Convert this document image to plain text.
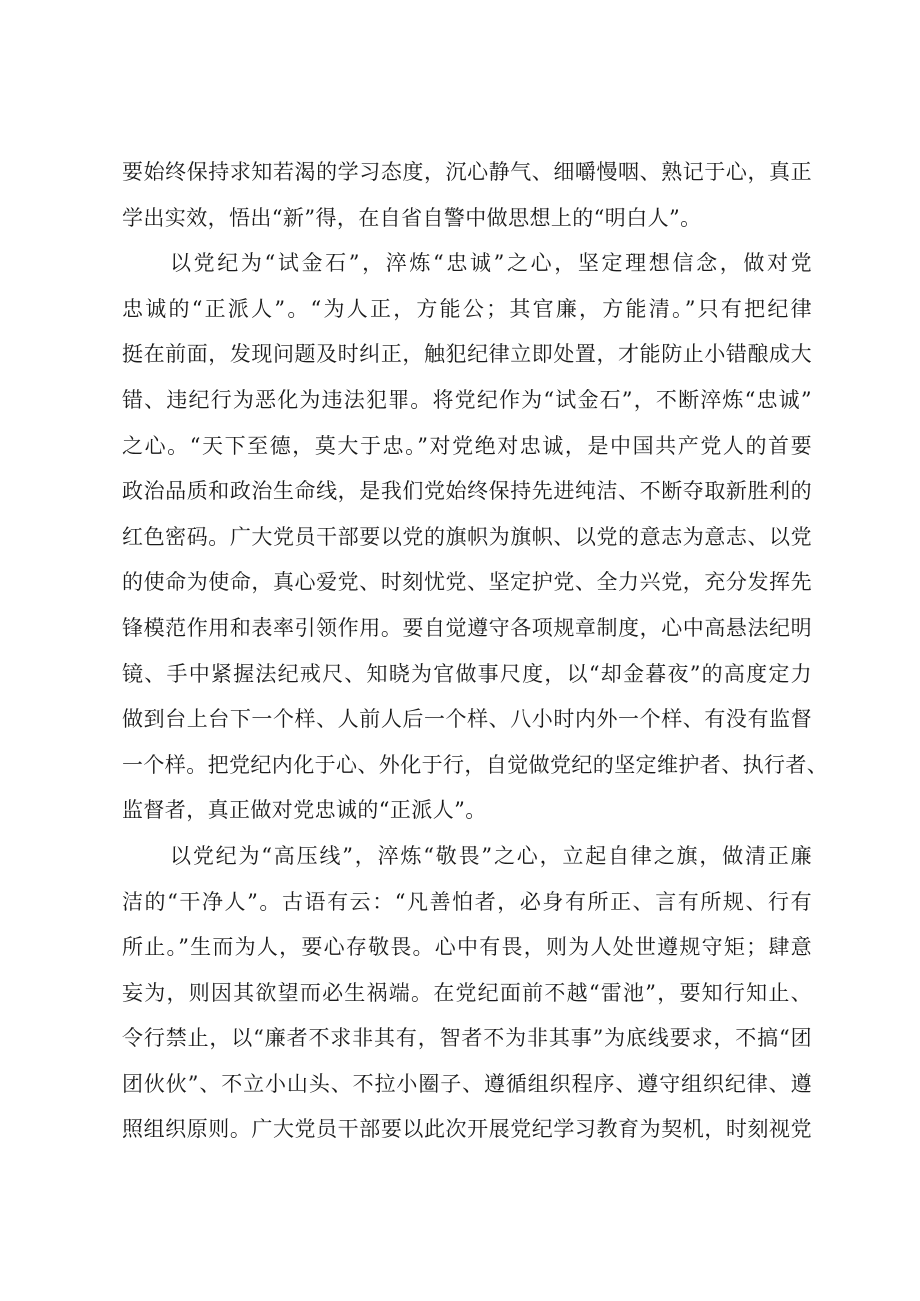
要始终保持求知若渴的学习态度，沉心静气、细嚼慢咽、熟记于心，真正
学出实效，悟出“新”得，在自省自警中做思想上的“明白人”。
以党纪为“试金石”，淬炼“忠诚”之心，坚定理想信念，做对党
忠诚的“正派人”。“为人正，方能公；其官廉，方能清。”只有把纪律
挺在前面，发现问题及时纠正，触犯纪律立即处置，才能防止小错酿成大
错、违纪行为恶化为违法犯罪。将党纪作为“试金石”，不断淬炼“忠诚”
之心。“天下至德，莫大于忠。”对党绝对忠诚，是中国共产党人的首要
政治品质和政治生命线，是我们党始终保持先进纯洁、不断夺取新胜利的
红色密码。广大党员干部要以党的旗帜为旗帜、以党的意志为意志、以党
的使命为使命，真心爱党、时刻忧党、坚定护党、全力兴党，充分发挥先
锋模范作用和表率引领作用。要自觉遵守各项规章制度，心中高悬法纪明
镜、手中紧握法纪戒尺、知晓为官做事尺度，以“却金暮夜”的高度定力
做到台上台下一个样、人前人后一个样、八小时内外一个样、有没有监督
一个样。把党纪内化于心、外化于行，自觉做党纪的坚定维护者、执行者、
监督者，真正做对党忠诚的“正派人”。
以党纪为“高压线”，淬炼“敬畏”之心，立起自律之旗，做清正廉
洁的“干净人”。古语有云：“凡善怕者，必身有所正、言有所规、行有
所止。”生而为人，要心存敬畏。心中有畏，则为人处世遵规守矩；肆意
妄为，则因其欲望而必生祸端。在党纪面前不越“雷池”，要知行知止、
令行禁止，以“廉者不求非其有，智者不为非其事”为底线要求，不搞“团
团伙伙”、不立小山头、不拉小圈子、遵循组织程序、遵守组织纪律、遵
照组织原则。广大党员干部要以此次开展党纪学习教育为契机，时刻视党
